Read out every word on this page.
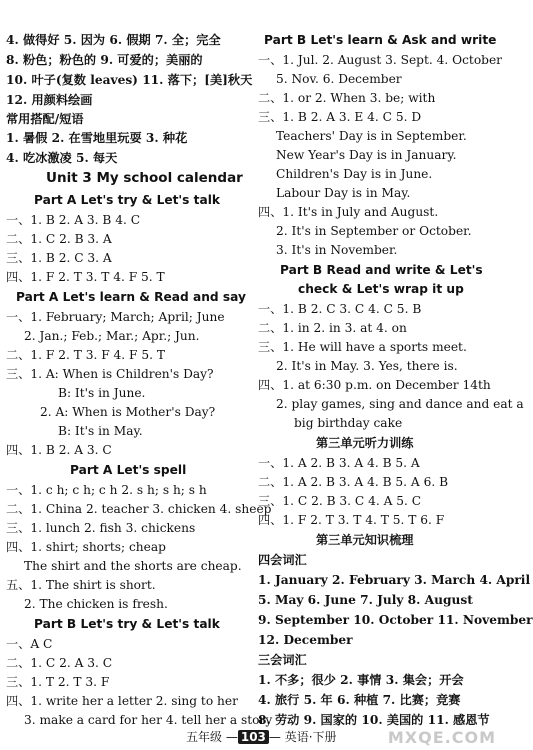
4. 做得好 5. 因为 6. 假期 7. 全；完全
8. 粉色；粉色的 9. 可爱的；美丽的
10. 叶子(复数 leaves) 11. 落下；[美]秋天
12. 用颜料绘画
常用搭配/短语
1. 暑假 2. 在雪地里玩耍 3. 种花
4. 吃冰激凌 5. 每天
Unit 3 My school calendar
Part A Let's try & Let's talk
一、1. B 2. A 3. B 4. C
二、1. C 2. B 3. A
三、1. B 2. C 3. A
四、1. F 2. T 3. T 4. F 5. T
Part A Let's learn & Read and say
一、1. February; March; April; June
2. Jan.; Feb.; Mar.; Apr.; Jun.
二、1. F 2. T 3. F 4. F 5. T
三、1. A: When is Children's Day?
B: It's in June.
2. A: When is Mother's Day?
B: It's in May.
四、1. B 2. A 3. C
Part A Let's spell
一、1. c h; c h; c h 2. s h; s h; s h
二、1. China 2. teacher 3. chicken 4. sheep
三、1. lunch 2. fish 3. chickens
四、1. shirt; shorts; cheap
The shirt and the shorts are cheap.
五、1. The shirt is short.
2. The chicken is fresh.
Part B Let's try & Let's talk
一、A C
二、1. C 2. A 3. C
三、1. T 2. T 3. F
四、1. write her a letter 2. sing to her
3. make a card for her 4. tell her a story
Part B Let's learn & Ask and write
一、1. Jul. 2. August 3. Sept. 4. October
5. Nov. 6. December
二、1. or 2. When 3. be; with
三、1. B 2. A 3. E 4. C 5. D
Teachers' Day is in September.
New Year's Day is in January.
Children's Day is in June.
Labour Day is in May.
四、1. It's in July and August.
2. It's in September or October.
3. It's in November.
Part B Read and write & Let's
check & Let's wrap it up
一、1. B 2. C 3. C 4. C 5. B
二、1. in 2. in 3. at 4. on
三、1. He will have a sports meet.
2. It's in May. 3. Yes, there is.
四、1. at 6:30 p.m. on December 14th
2. play games, sing and dance and eat a
big birthday cake
第三单元听力训练
一、1. A 2. B 3. A 4. B 5. A
二、1. A 2. B 3. A 4. B 5. A 6. B
三、1. C 2. B 3. C 4. A 5. C
四、1. F 2. T 3. T 4. T 5. T 6. F
第三单元知识梳理
四会词汇
1. January 2. February 3. March 4. April
5. May 6. June 7. July 8. August
9. September 10. October 11. November
12. December
三会词汇
1. 不多；很少 2. 事情 3. 集会；开会
4. 旅行 5. 年 6. 种植 7. 比赛；竞赛
8. 劳动 9. 国家的 10. 美国的 11. 感恩节
五年级 — 103 — 英语·下册	MXQE.COM
